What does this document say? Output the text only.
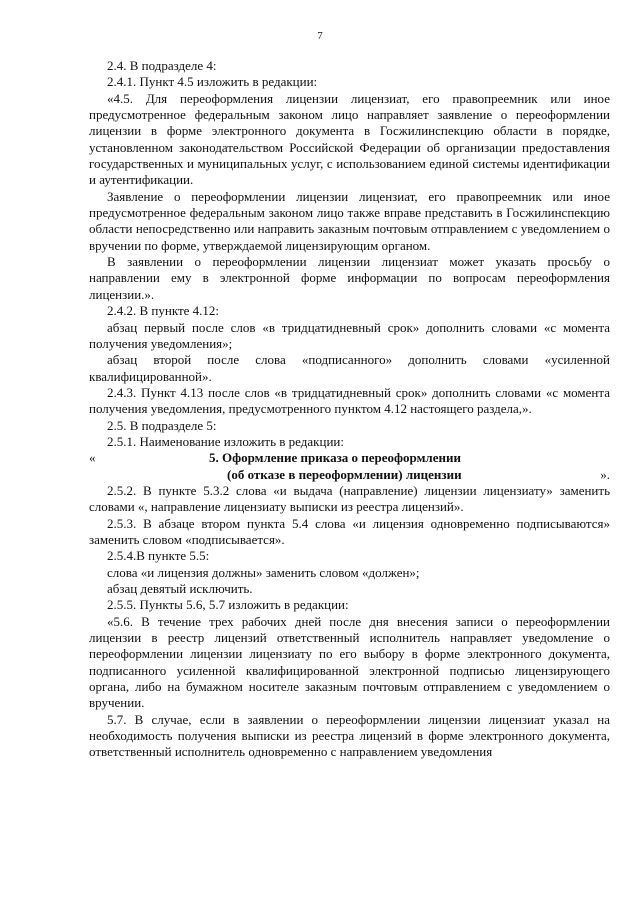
7

2.4. В подразделе 4:

2.4.1. Пункт 4.5 изложить в редакции:

«4.5. Для переоформления лицензии лицензиат, его правопреемник или иное предусмотренное федеральным законом лицо направляет заявление о переоформлении лицензии в форме электронного документа в Госжилинспекцию области в порядке, установленном законодательством Российской Федерации об организации предоставления государственных и муниципальных услуг, с использованием единой системы идентификации и аутентификации.

Заявление о переоформлении лицензии лицензиат, его правопреемник или иное предусмотренное федеральным законом лицо также вправе представить в Госжилинспекцию области непосредственно или направить заказным почтовым отправлением с уведомлением о вручении по форме, утверждаемой лицензирующим органом.

В заявлении о переоформлении лицензии лицензиат может указать просьбу о направлении ему в электронной форме информации по вопросам переоформления лицензии.».

2.4.2. В пункте 4.12:

абзац первый после слов «в тридцатидневный срок» дополнить словами «с момента получения уведомления»;

абзац второй после слова «подписанного» дополнить словами «усиленной квалифицированной».

2.4.3. Пункт 4.13 после слов «в тридцатидневный срок» дополнить словами «с момента получения уведомления, предусмотренного пунктом 4.12 настоящего раздела,».

2.5. В подразделе 5:

2.5.1. Наименование изложить в редакции:

«	5. Оформление приказа о переоформлении
(об отказе в переоформлении) лицензии	».

2.5.2. В пункте 5.3.2 слова «и выдача (направление) лицензии лицензиату» заменить словами «, направление лицензиату выписки из реестра лицензий».

2.5.3. В абзаце втором пункта 5.4 слова «и лицензия одновременно подписываются» заменить словом «подписывается».

2.5.4.В пункте 5.5:

слова «и лицензия должны» заменить словом «должен»;

абзац девятый исключить.

2.5.5. Пункты 5.6, 5.7 изложить в редакции:

«5.6. В течение трех рабочих дней после дня внесения записи о переоформлении лицензии в реестр лицензий ответственный исполнитель направляет уведомление о переоформлении лицензии лицензиату по его выбору в форме электронного документа, подписанного усиленной квалифицированной электронной подписью лицензирующего органа, либо на бумажном носителе заказным почтовым отправлением с уведомлением о вручении.

5.7. В случае, если в заявлении о переоформлении лицензии лицензиат указал на необходимость получения выписки из реестра лицензий в форме электронного документа, ответственный исполнитель одновременно с направлением уведомления
